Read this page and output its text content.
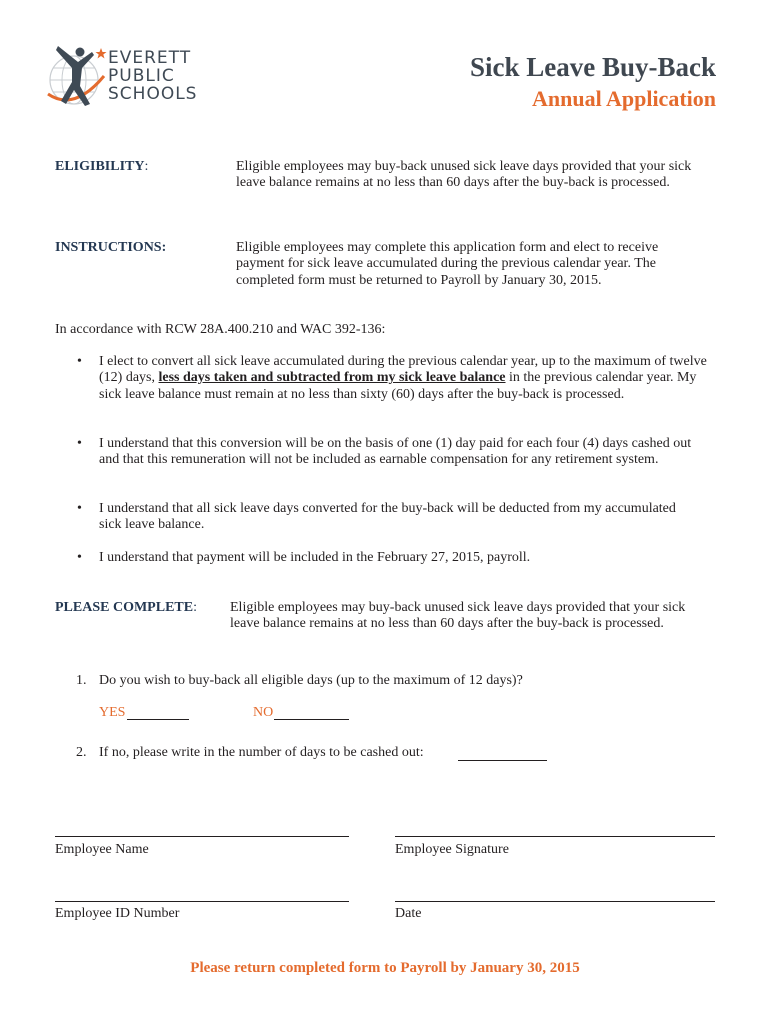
EVERETT
PUBLIC
SCHOOLS
Sick Leave Buy-Back
Annual Application
ELIGIBILITY:	Eligible employees may buy-back unused sick leave days provided that your sick leave balance remains at no less than 60 days after the buy-back is processed.
INSTRUCTIONS:	Eligible employees may complete this application form and elect to receive payment for sick leave accumulated during the previous calendar year. The completed form must be returned to Payroll by January 30, 2015.
In accordance with RCW 28A.400.210 and WAC 392-136:
• I elect to convert all sick leave accumulated during the previous calendar year, up to the maximum of twelve (12) days, less days taken and subtracted from my sick leave balance in the previous calendar year. My sick leave balance must remain at no less than sixty (60) days after the buy-back is processed.
• I understand that this conversion will be on the basis of one (1) day paid for each four (4) days cashed out and that this remuneration will not be included as earnable compensation for any retirement system.
• I understand that all sick leave days converted for the buy-back will be deducted from my accumulated sick leave balance.
• I understand that payment will be included in the February 27, 2015, payroll.
PLEASE COMPLETE: Eligible employees may buy-back unused sick leave days provided that your sick leave balance remains at no less than 60 days after the buy-back is processed.
1. Do you wish to buy-back all eligible days (up to the maximum of 12 days)?
YES	NO
2. If no, please write in the number of days to be cashed out:
Employee Name	Employee Signature
Employee ID Number	Date
Please return completed form to Payroll by January 30, 2015
